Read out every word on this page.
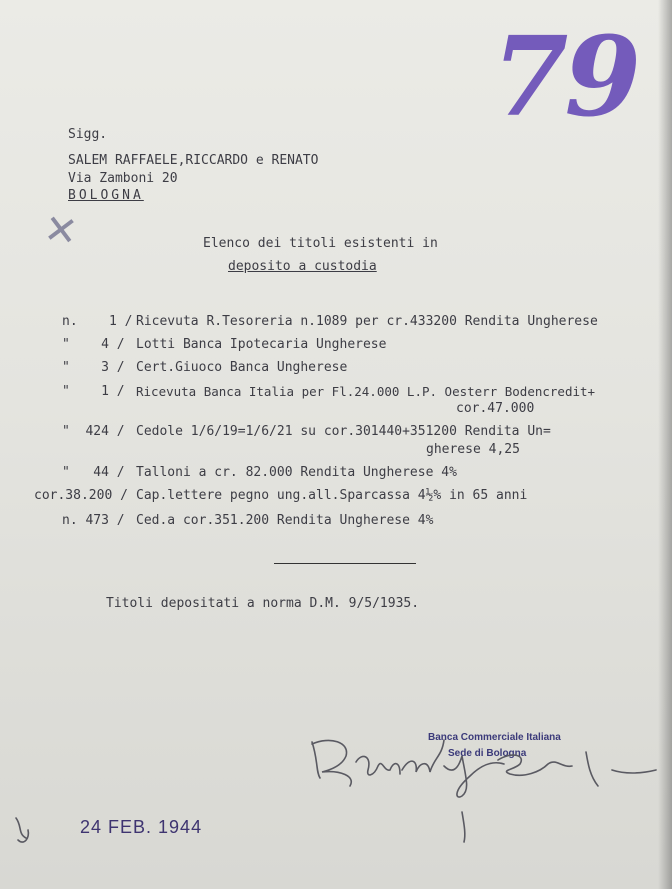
79
Sigg.
SALEM RAFFAELE,RICCARDO e RENATO
Via Zamboni 20
BOLOGNA
✕	Elenco dei titoli esistenti in
deposito a custodia
n.    1 / Ricevuta R.Tesoreria n.1089 per cr.433200 Rendita Ungherese
"    4 / Lotti Banca Ipotecaria Ungherese
"    3 / Cert.Giuoco Banca Ungherese
"    1 / Ricevuta Banca Italia per Fl.24.000 L.P. Oesterr Bodencredit+
cor.47.000
"  424 / Cedole 1/6/19=1/6/21 su cor.301440+351200 Rendita Un=
gherese 4,25
"   44 / Talloni a cr. 82.000 Rendita Ungherese 4%
cor.38.200 / Cap.lettere pegno ung.all.Sparcassa 4½% in 65 anni
n. 473 / Ced.a cor.351.200 Rendita Ungherese 4%
Titoli depositati a norma D.M. 9/5/1935.
Banca Commerciale Italiana
Sede di Bologna
24 FEB. 1944
